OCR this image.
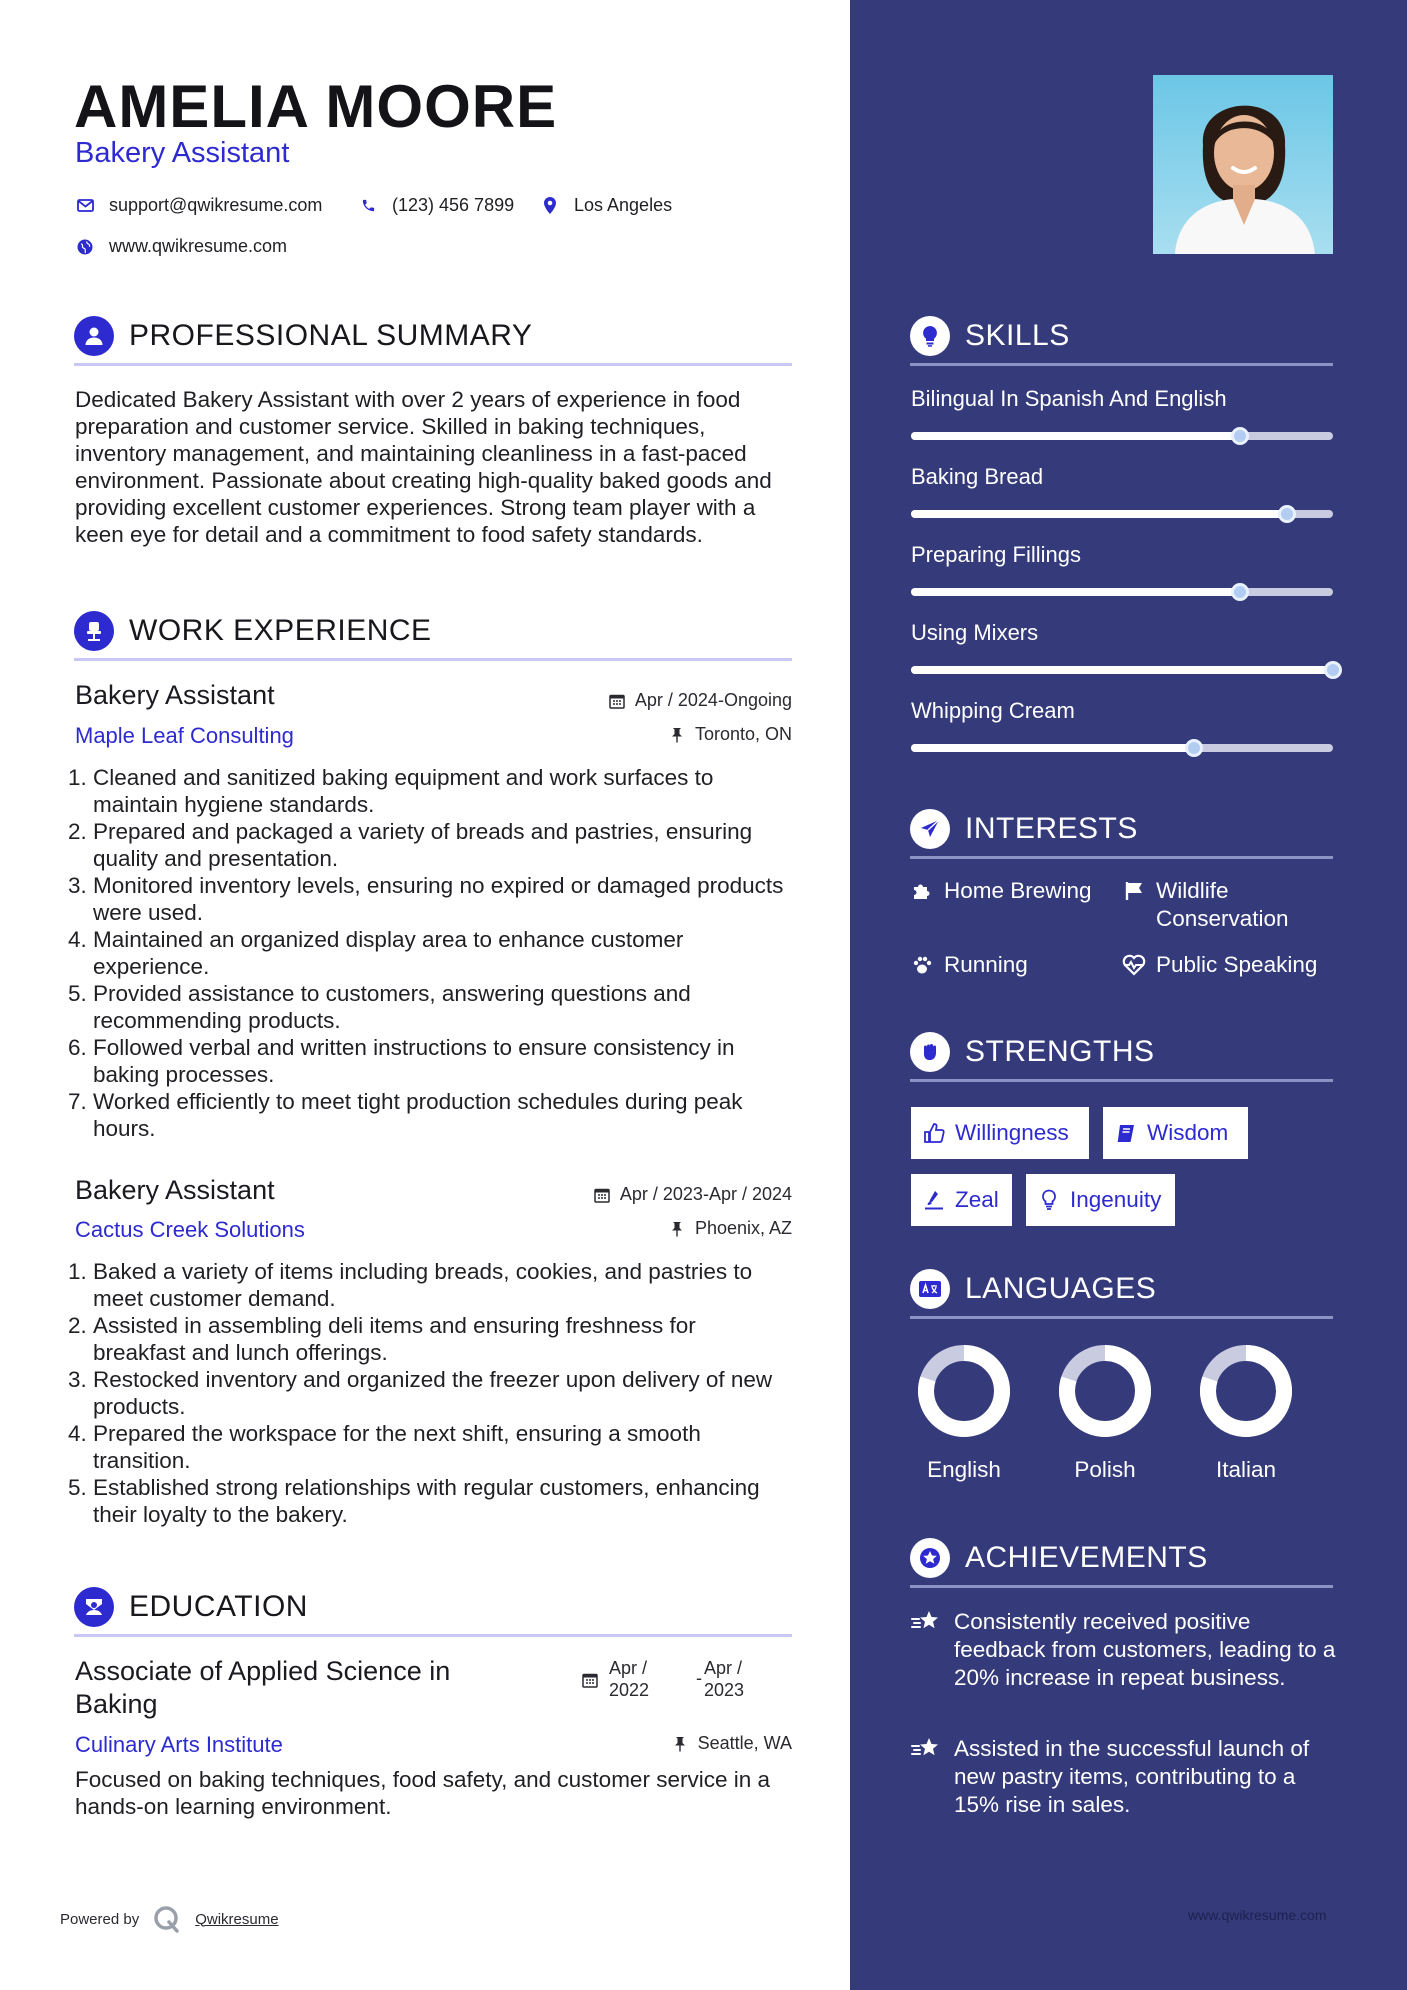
AMELIA MOORE
Bakery Assistant
support@qwikresume.com	(123) 456 7899	Los Angeles
www.qwikresume.com
PROFESSIONAL SUMMARY
Dedicated Bakery Assistant with over 2 years of experience in food preparation and customer service. Skilled in baking techniques, inventory management, and maintaining cleanliness in a fast-paced environment. Passionate about creating high-quality baked goods and providing excellent customer experiences. Strong team player with a keen eye for detail and a commitment to food safety standards.
WORK EXPERIENCE
Bakery Assistant	Apr / 2024-Ongoing
Maple Leaf Consulting	Toronto, ON
1. Cleaned and sanitized baking equipment and work surfaces to maintain hygiene standards.
2. Prepared and packaged a variety of breads and pastries, ensuring quality and presentation.
3. Monitored inventory levels, ensuring no expired or damaged products were used.
4. Maintained an organized display area to enhance customer experience.
5. Provided assistance to customers, answering questions and recommending products.
6. Followed verbal and written instructions to ensure consistency in baking processes.
7. Worked efficiently to meet tight production schedules during peak hours.
Bakery Assistant	Apr / 2023-Apr / 2024
Cactus Creek Solutions	Phoenix, AZ
1. Baked a variety of items including breads, cookies, and pastries to meet customer demand.
2. Assisted in assembling deli items and ensuring freshness for breakfast and lunch offerings.
3. Restocked inventory and organized the freezer upon delivery of new products.
4. Prepared the workspace for the next shift, ensuring a smooth transition.
5. Established strong relationships with regular customers, enhancing their loyalty to the bakery.
EDUCATION
Associate of Applied Science in Baking
Apr /
2022
- Apr /
2023
Culinary Arts Institute	Seattle, WA
Focused on baking techniques, food safety, and customer service in a hands-on learning environment.
Powered by	Qwikresume
SKILLS
INTERESTS
Home Brewing	Wildlife Conservation
Running	Public Speaking
STRENGTHS
Willingness	Wisdom
Zeal	Ingenuity
LANGUAGES
ACHIEVEMENTS
Consistently received positive feedback from customers, leading to a 20% increase in repeat business.
Assisted in the successful launch of new pastry items, contributing to a 15% rise in sales.
www.qwikresume.com
Bilingual In Spanish And English
Baking Bread
Preparing Fillings
Using Mixers
Whipping Cream
English	Polish	Italian
